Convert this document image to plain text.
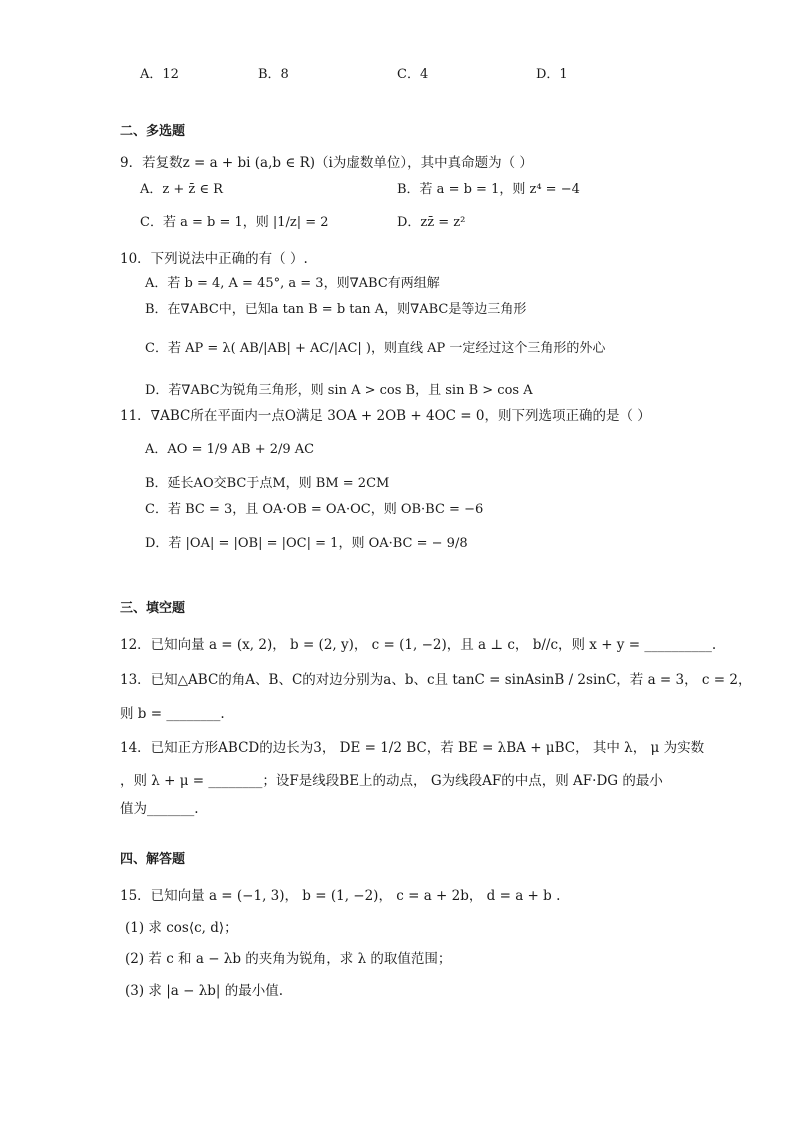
A．12	B．8	C．4	D．1
二、多选题
9．若复数z = a + bi (a,b ∈ R)（i为虚数单位），其中真命题为（ ）
A．z + z̄ ∈ R	B．若 a = b = 1，则 z⁴ = −4
C．若 a = b = 1，则 |1/z| = 2	D．zz̄ = z²
10．下列说法中正确的有（ ）.
A．若 b = 4, A = 45°, a = 3，则∇ABC有两组解
B．在∇ABC中，已知a tan B = b tan A，则∇ABC是等边三角形
C．若 AP = λ( AB/|AB| + AC/|AC| )，则直线 AP 一定经过这个三角形的外心
D．若∇ABC为锐角三角形，则 sin A > cos B，且 sin B > cos A
11．∇ABC所在平面内一点O满足 3OA + 2OB + 4OC = 0，则下列选项正确的是（ ）
A．AO = 1/9 AB + 2/9 AC
B．延长AO交BC于点M，则 BM = 2CM
C．若 BC = 3，且 OA·OB = OA·OC，则 OB·BC = −6
D．若 |OA| = |OB| = |OC| = 1，则 OA·BC = − 9/8
三、填空题
12．已知向量 a = (x, 2)， b = (2, y)， c = (1, −2)，且 a ⊥ c， b//c，则 x + y = __________.
13．已知△ABC的角A、B、C的对边分别为a、b、c且 tanC = sinAsinB / 2sinC，若 a = 3， c = 2，
则 b = ________.
14．已知正方形ABCD的边长为3， DE = 1/2 BC，若 BE = λBA + μBC， 其中 λ， μ 为实数
，则 λ + μ = ________；设F是线段BE上的动点， G为线段AF的中点，则 AF·DG 的最小
值为_______.
四、解答题
15．已知向量 a = (−1, 3)， b = (1, −2)， c = a + 2b， d = a + b .
(1) 求 cos⟨c, d⟩；
(2) 若 c 和 a − λb 的夹角为锐角，求 λ 的取值范围；
(3) 求 |a − λb| 的最小值.
